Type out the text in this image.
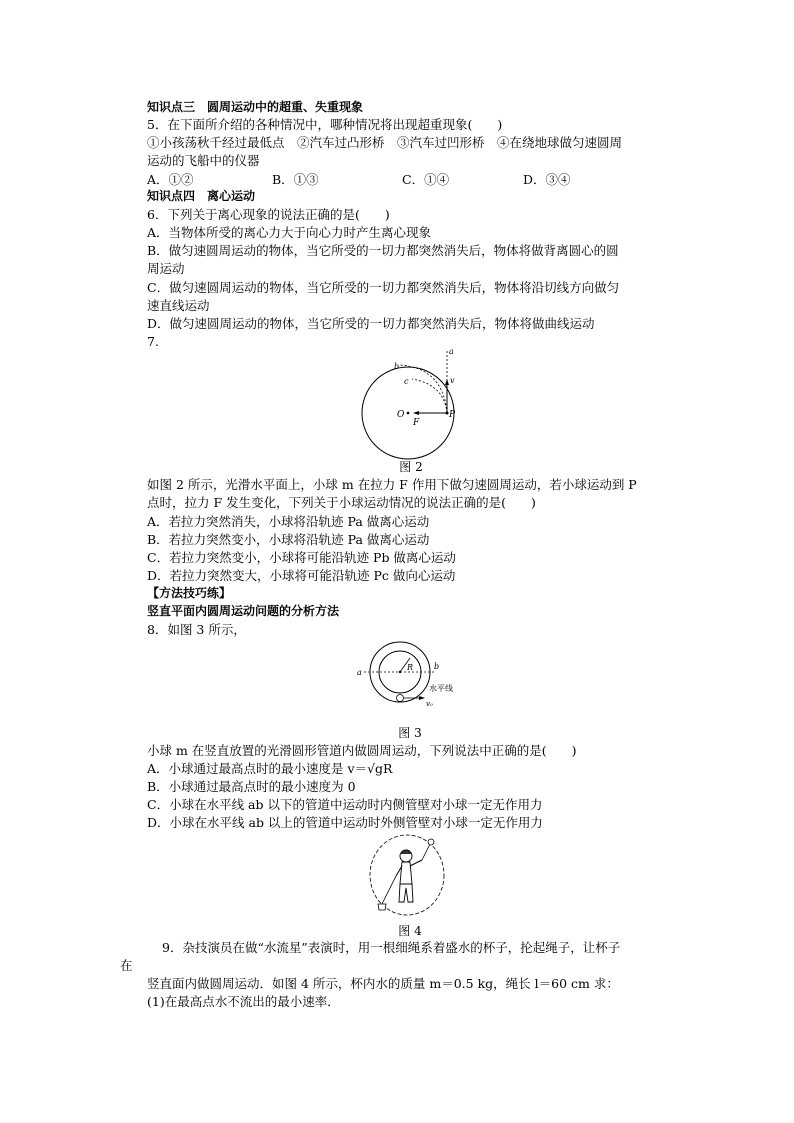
知识点三　圆周运动中的超重、失重现象
5．在下面所介绍的各种情况中，哪种情况将出现超重现象(　　)
①小孩荡秋千经过最低点　②汽车过凸形桥　③汽车过凹形桥　④在绕地球做匀速圆周
运动的飞船中的仪器
A．①②	B．①③	C．①④	D．③④
知识点四　离心运动
6．下列关于离心现象的说法正确的是(　　)
A．当物体所受的离心力大于向心力时产生离心现象
B．做匀速圆周运动的物体，当它所受的一切力都突然消失后，物体将做背离圆心的圆
周运动
C．做匀速圆周运动的物体，当它所受的一切力都突然消失后，物体将沿切线方向做匀
速直线运动
D．做匀速圆周运动的物体，当它所受的一切力都突然消失后，物体将做曲线运动
7.
a
b
c	v
O
F
P
图 2
如图 2 所示，光滑水平面上，小球 m 在拉力 F 作用下做匀速圆周运动，若小球运动到 P
点时，拉力 F 发生变化，下列关于小球运动情况的说法正确的是(　　)
A．若拉力突然消失，小球将沿轨迹 Pa 做离心运动
B．若拉力突然变小，小球将沿轨迹 Pa 做离心运动
C．若拉力突然变小，小球将可能沿轨迹 Pb 做离心运动
D．若拉力突然变大，小球将可能沿轨迹 Pc 做向心运动
【方法技巧练】
竖直平面内圆周运动问题的分析方法
8．如图 3 所示，
a
b
R
水平线
v₀
图 3
小球 m 在竖直放置的光滑圆形管道内做圆周运动，下列说法中正确的是(　　)
A．小球通过最高点时的最小速度是 v＝√gR
B．小球通过最高点时的最小速度为 0
C．小球在水平线 ab 以下的管道中运动时内侧管壁对小球一定无作用力
D．小球在水平线 ab 以上的管道中运动时外侧管壁对小球一定无作用力
图 4
9．杂技演员在做“水流星”表演时，用一根细绳系着盛水的杯子，抡起绳子，让杯子
在
竖直面内做圆周运动．如图 4 所示，杯内水的质量 m＝0.5 kg，绳长 l＝60 cm 求：
(1)在最高点水不流出的最小速率．
